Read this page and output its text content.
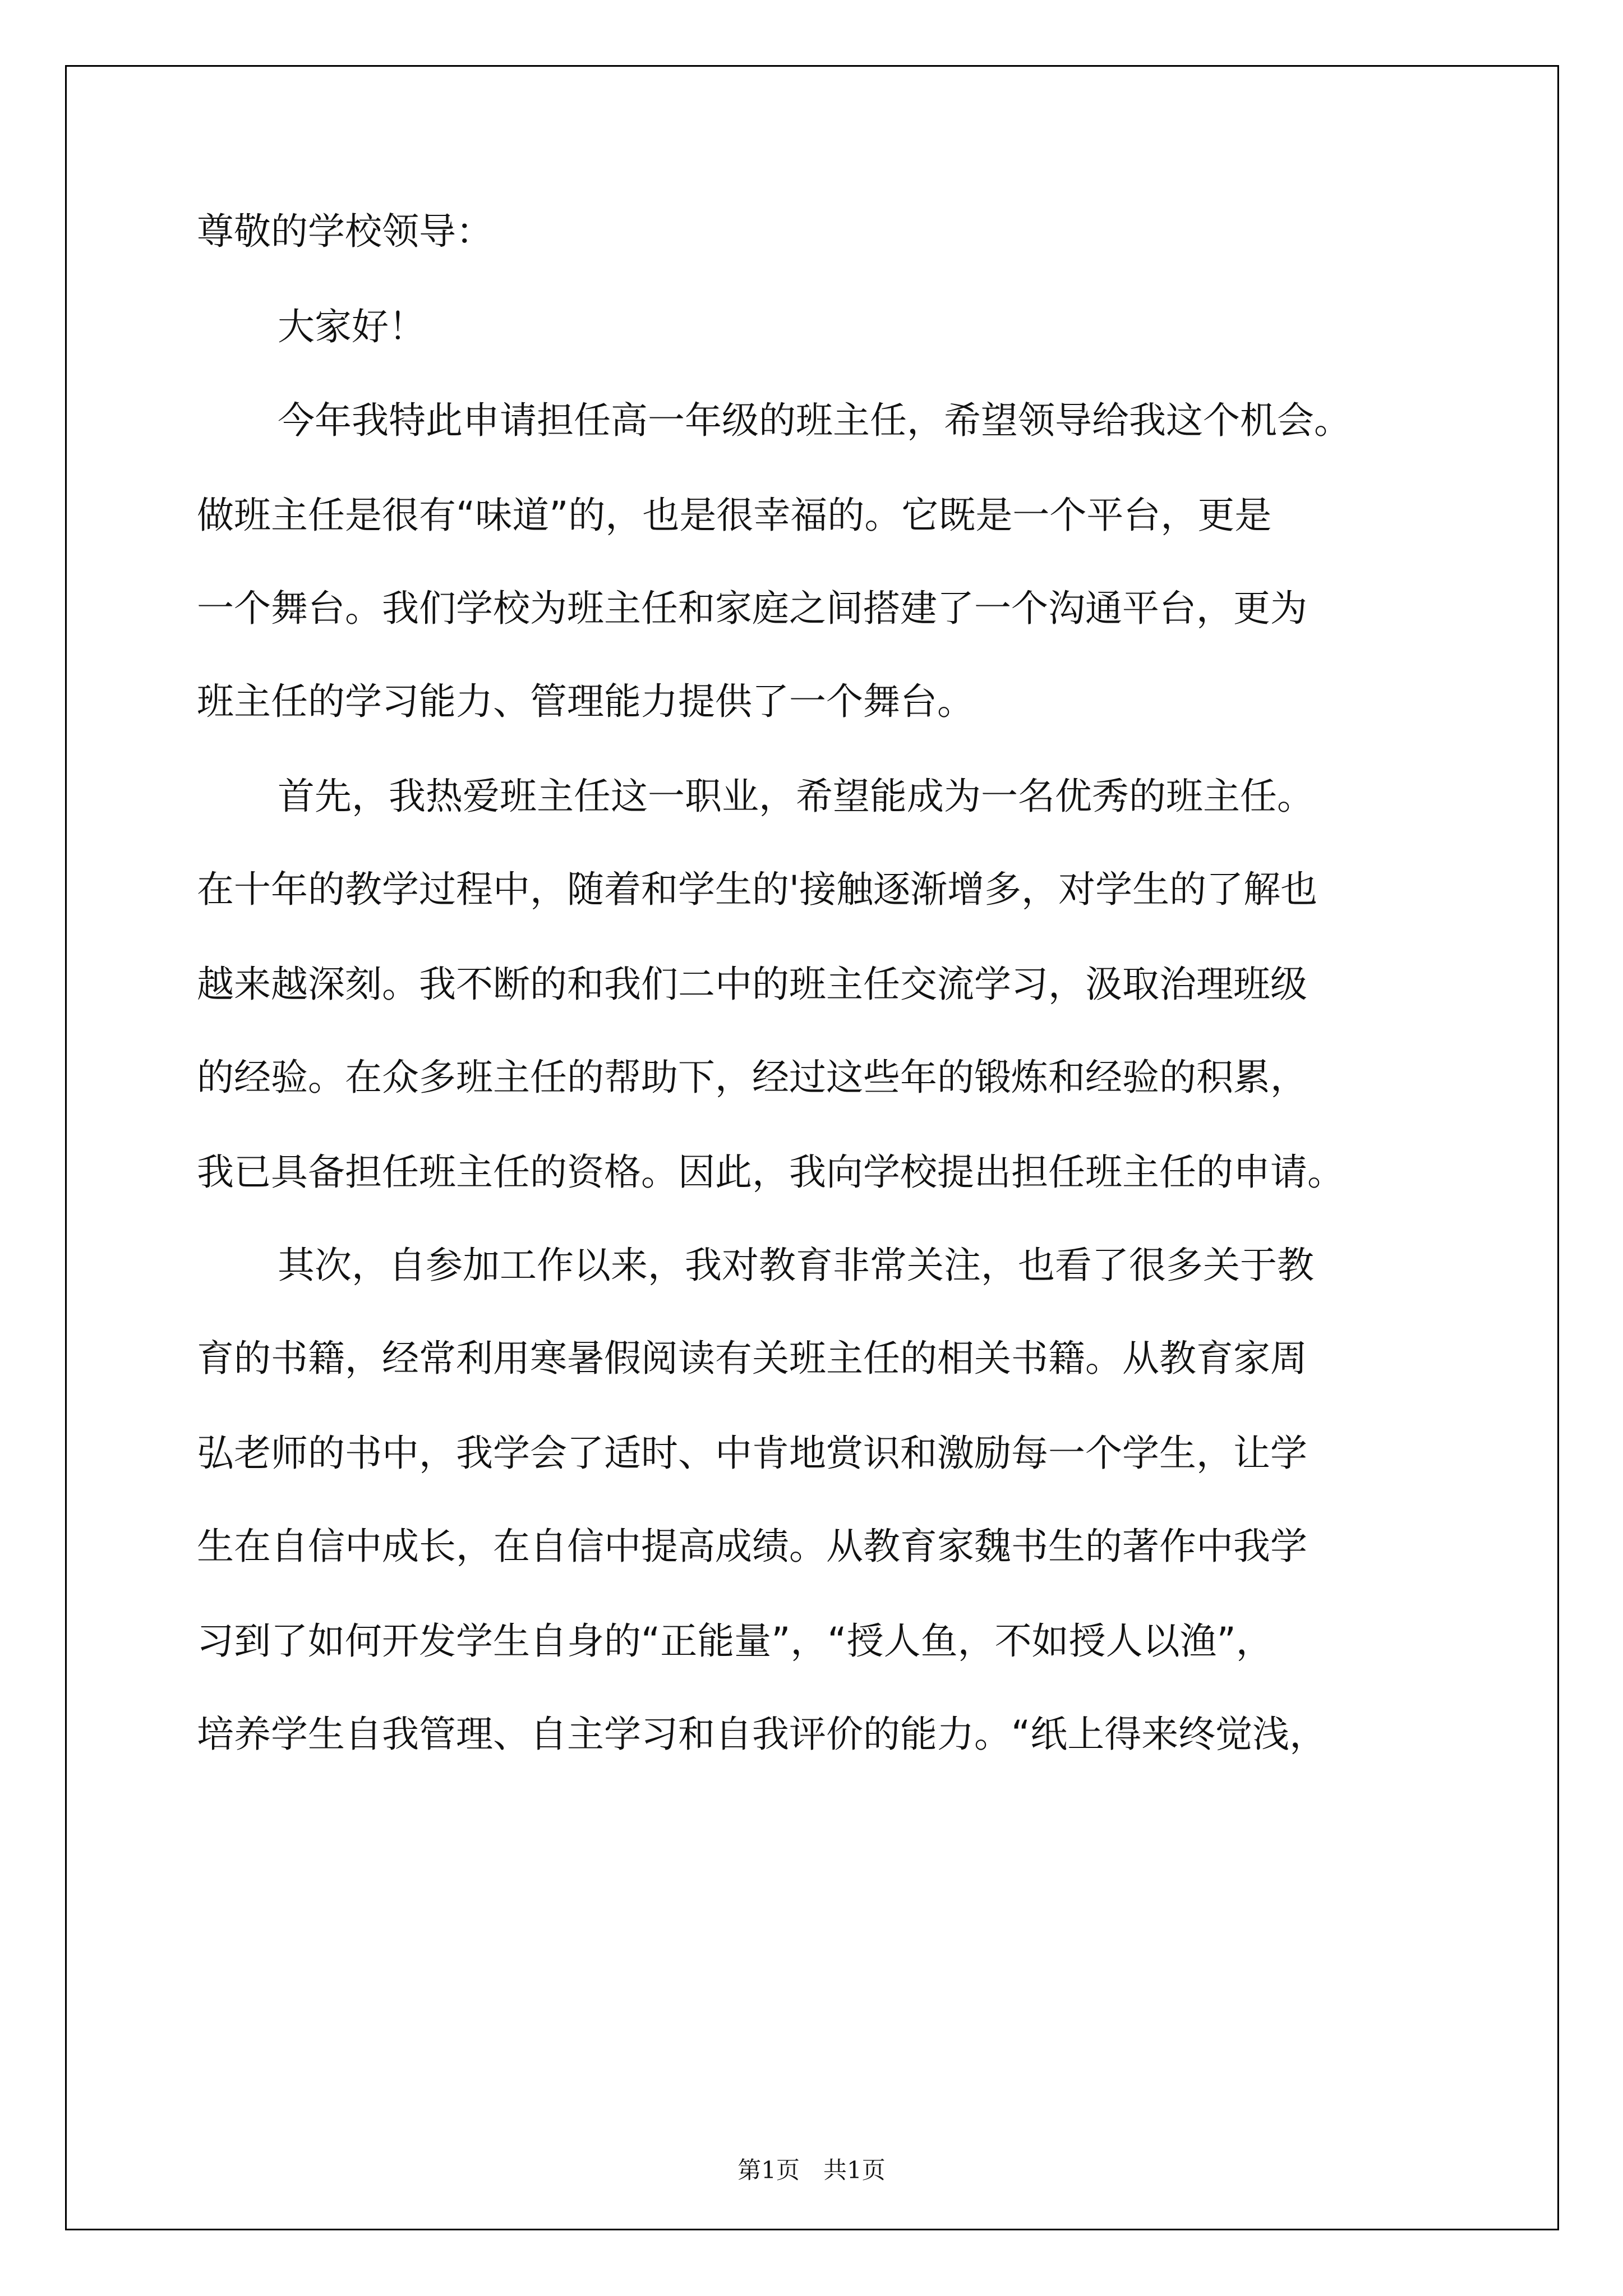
尊敬的学校领导：
大家好！
今年我特此申请担任高一年级的班主任，希望领导给我这个机会。
做班主任是很有“味道”的，也是很幸福的。它既是一个平台，更是
一个舞台。我们学校为班主任和家庭之间搭建了一个沟通平台，更为
班主任的学习能力、管理能力提供了一个舞台。
首先，我热爱班主任这一职业，希望能成为一名优秀的班主任。
在十年的教学过程中，随着和学生的'接触逐渐增多，对学生的了解也
越来越深刻。我不断的和我们二中的班主任交流学习，汲取治理班级
的经验。在众多班主任的帮助下，经过这些年的锻炼和经验的积累，
我已具备担任班主任的资格。因此，我向学校提出担任班主任的申请。
其次，自参加工作以来，我对教育非常关注，也看了很多关于教
育的书籍，经常利用寒暑假阅读有关班主任的相关书籍。从教育家周
弘老师的书中，我学会了适时、中肯地赏识和激励每一个学生，让学
生在自信中成长，在自信中提高成绩。从教育家魏书生的著作中我学
习到了如何开发学生自身的“正能量”，“授人鱼，不如授人以渔”，
培养学生自我管理、自主学习和自我评价的能力。“纸上得来终觉浅，
第1页　共1页
